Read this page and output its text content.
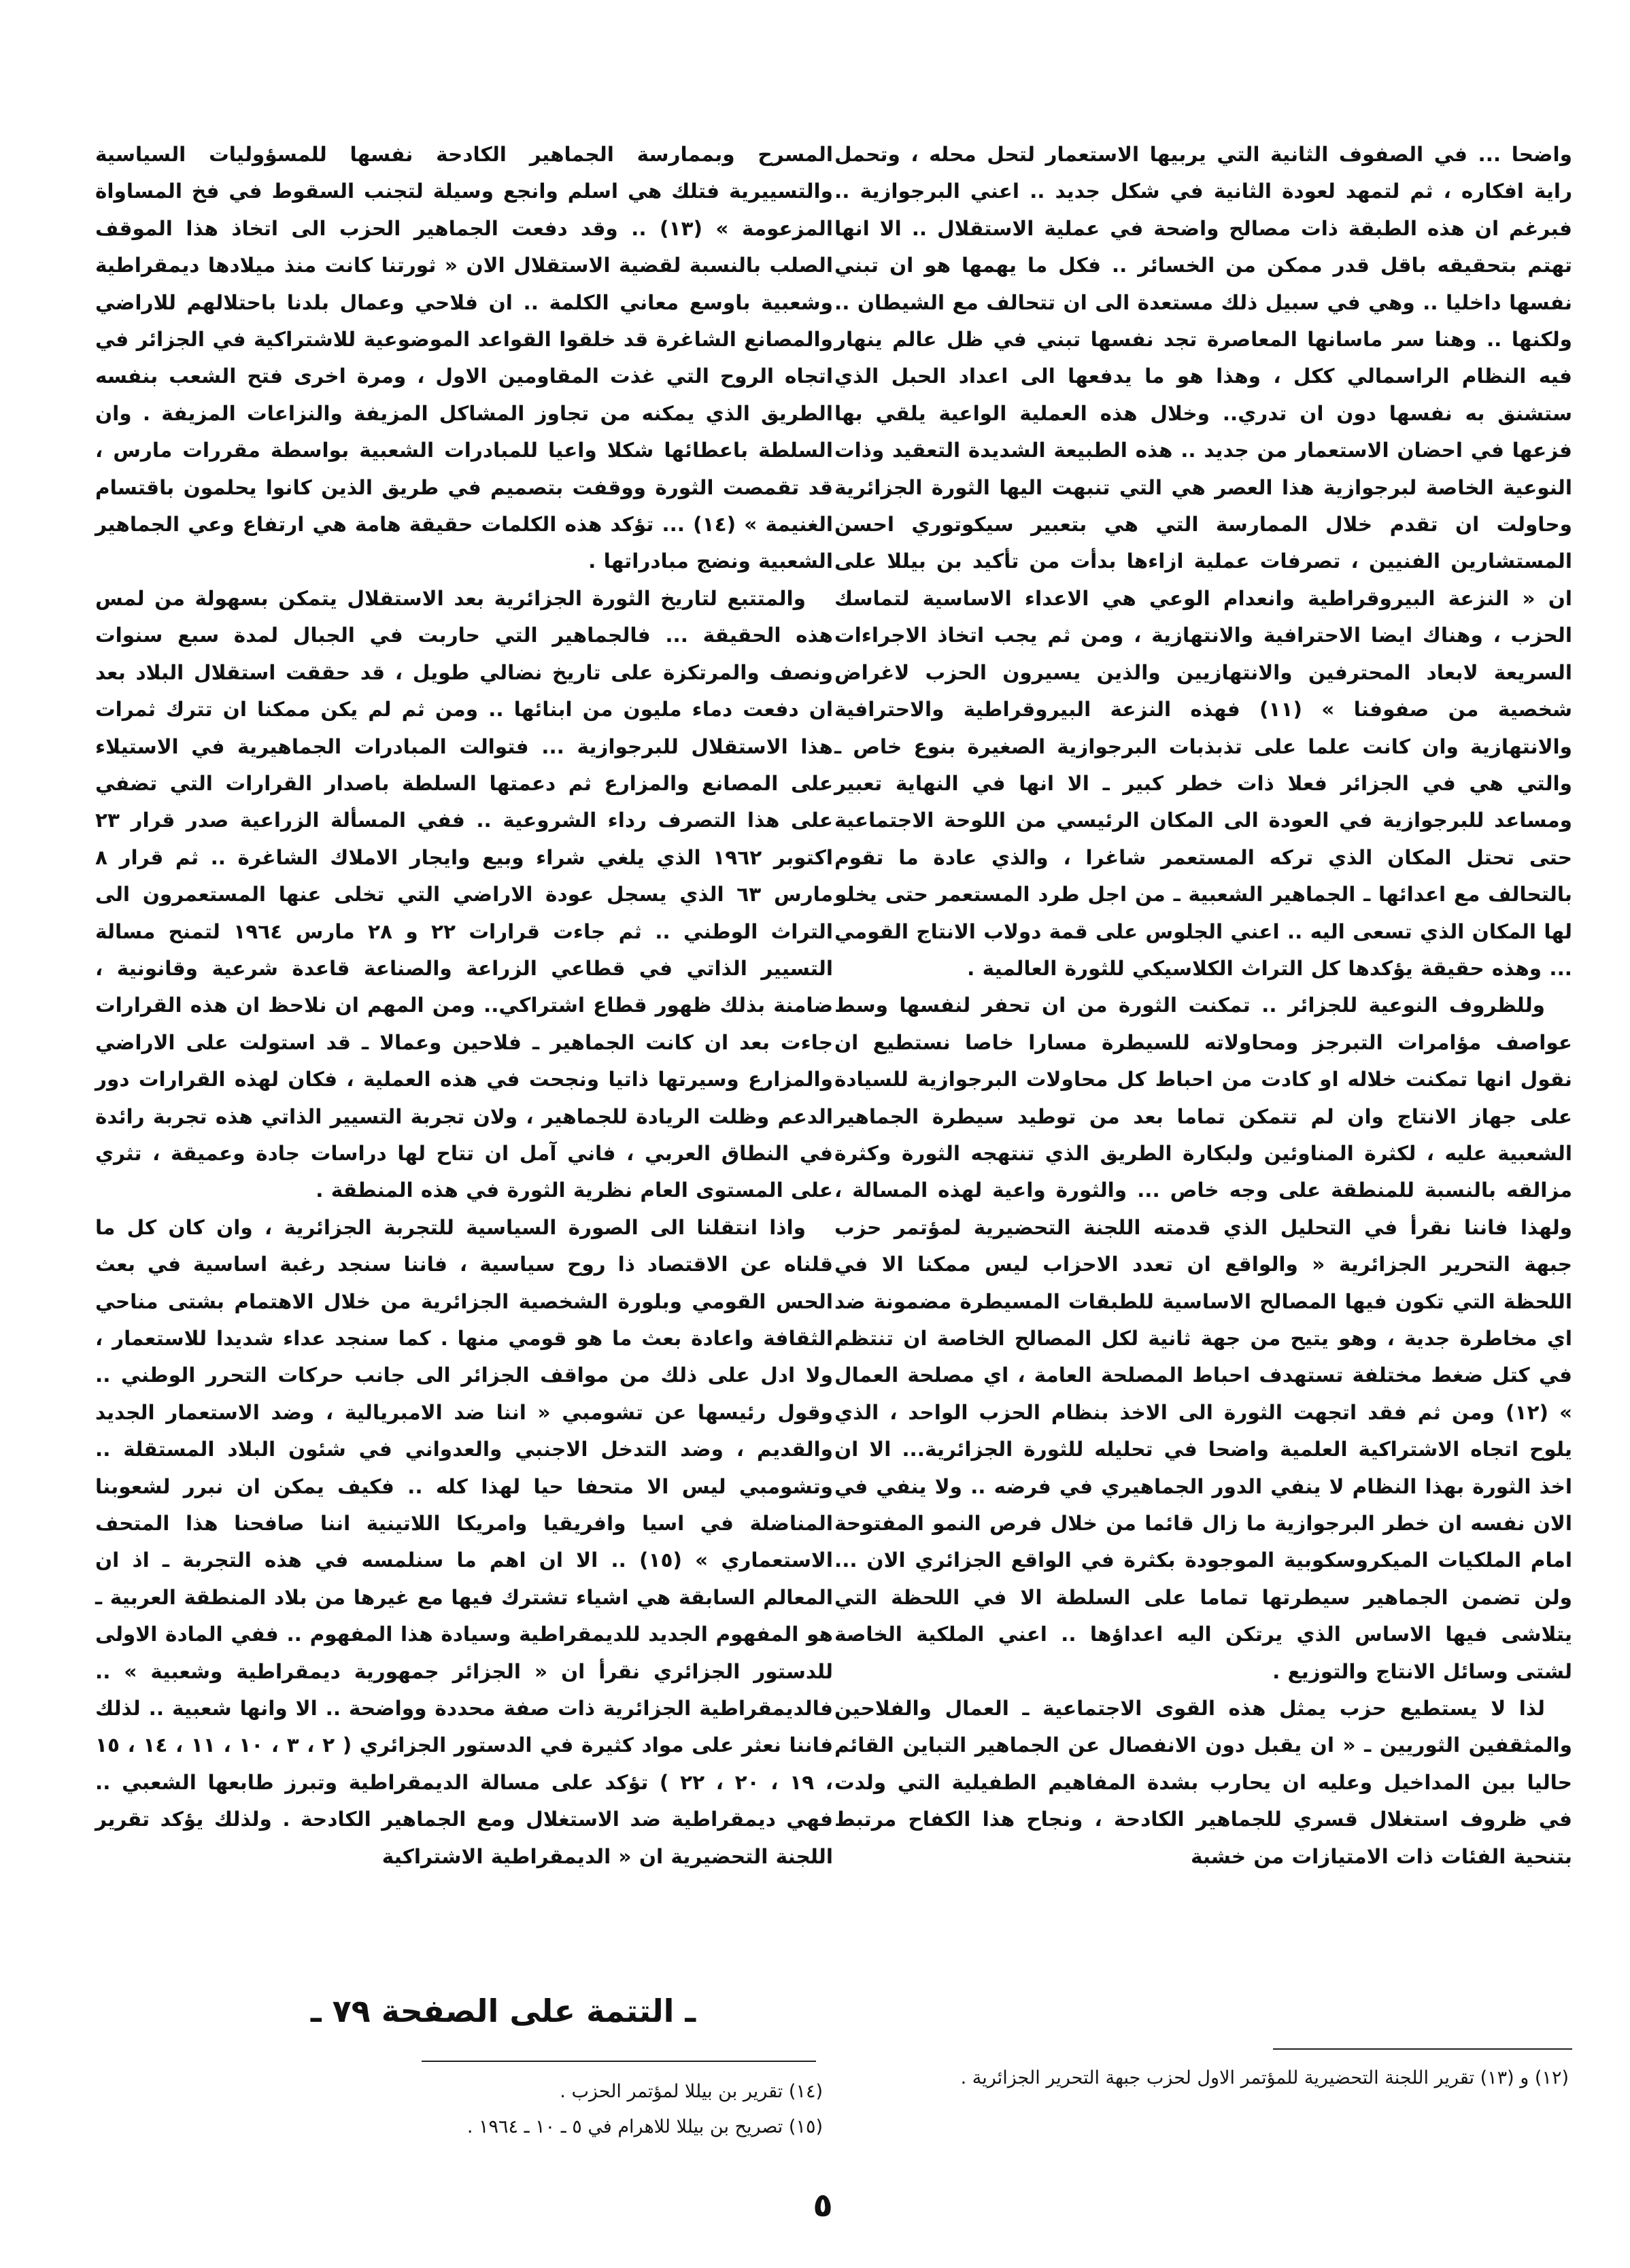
واضحا ... في الصفوف الثانية التي يربيها الاستعمار لتحل محله ، وتحمل راية افكاره ، ثم لتمهد لعودة الثانية في شكل جديد .. اعني البرجوازية .. فبرغم ان هذه الطبقة ذات مصالح واضحة في عملية الاستقلال .. الا انها تهتم بتحقيقه باقل قدر ممكن من الخسائر .. فكل ما يهمها هو ان تبني نفسها داخليا .. وهي في سبيل ذلك مستعدة الى ان تتحالف مع الشيطان .. ولكنها .. وهنا سر ماسانها المعاصرة تجد نفسها تبني في ظل عالم ينهار فيه النظام الراسمالي ككل ، وهذا هو ما يدفعها الى اعداد الحبل الذي ستشنق به نفسها دون ان تدري.. وخلال هذه العملية الواعية يلقي بها فزعها في احضان الاستعمار من جديد .. هذه الطبيعة الشديدة التعقيد وذات النوعية الخاصة لبرجوازية هذا العصر هي التي تنبهت اليها الثورة الجزائرية وحاولت ان تقدم خلال الممارسة التي هي بتعبير سيكوتوري احسن المستشارين الفنيين ، تصرفات عملية ازاءها بدأت من تأكيد بن بيللا على ان « النزعة البيروقراطية وانعدام الوعي هي الاعداء الاساسية لتماسك الحزب ، وهناك ايضا الاحترافية والانتهازية ، ومن ثم يجب اتخاذ الاجراءات السريعة لابعاد المحترفين والانتهازيين والذين يسيرون الحزب لاغراض شخصية من صفوفنا » (١١) فهذه النزعة البيروقراطية والاحترافية والانتهازية وان كانت علما على تذبذبات البرجوازية الصغيرة بنوع خاص ـ والتي هي في الجزائر فعلا ذات خطر كبير ـ الا انها في النهاية تعبير ومساعد للبرجوازية في العودة الى المكان الرئيسي من اللوحة الاجتماعية حتى تحتل المكان الذي تركه المستعمر شاغرا ، والذي عادة ما تقوم بالتحالف مع اعدائها ـ الجماهير الشعبية ـ من اجل طرد المستعمر حتى يخلو لها المكان الذي تسعى اليه .. اعني الجلوس على قمة دولاب الانتاج القومي ... وهذه حقيقة يؤكدها كل التراث الكلاسيكي للثورة العالمية .

وللظروف النوعية للجزائر .. تمكنت الثورة من ان تحفر لنفسها وسط عواصف مؤامرات التبرجز ومحاولاته للسيطرة مسارا خاصا نستطيع ان نقول انها تمكنت خلاله او كادت من احباط كل محاولات البرجوازية للسيادة على جهاز الانتاج وان لم تتمكن تماما بعد من توطيد سيطرة الجماهير الشعبية عليه ، لكثرة المناوئين ولبكارة الطريق الذي تنتهجه الثورة وكثرة مزالقه بالنسبة للمنطقة على وجه خاص ... والثورة واعية لهذه المسالة ، ولهذا فاننا نقرأ في التحليل الذي قدمته اللجنة التحضيرية لمؤتمر حزب جبهة التحرير الجزائرية « والواقع ان تعدد الاحزاب ليس ممكنا الا في اللحظة التي تكون فيها المصالح الاساسية للطبقات المسيطرة مضمونة ضد اي مخاطرة جدية ، وهو يتيح من جهة ثانية لكل المصالح الخاصة ان تنتظم في كتل ضغط مختلفة تستهدف احباط المصلحة العامة ، اي مصلحة العمال » (١٢) ومن ثم فقد اتجهت الثورة الى الاخذ بنظام الحزب الواحد ، الذي يلوح اتجاه الاشتراكية العلمية واضحا في تحليله للثورة الجزائرية... الا ان اخذ الثورة بهذا النظام لا ينفي الدور الجماهيري في فرضه .. ولا ينفي في الان نفسه ان خطر البرجوازية ما زال قائما من خلال فرص النمو المفتوحة امام الملكيات الميكروسكوبية الموجودة بكثرة في الواقع الجزائري الان ... ولن تضمن الجماهير سيطرتها تماما على السلطة الا في اللحظة التي يتلاشى فيها الاساس الذي يرتكن اليه اعداؤها .. اعني الملكية الخاصة لشتى وسائل الانتاج والتوزيع .

لذا لا يستطيع حزب يمثل هذه القوى الاجتماعية ـ العمال والفلاحين والمثقفين الثوريين ـ « ان يقبل دون الانفصال عن الجماهير التباين القائم حاليا بين المداخيل وعليه ان يحارب بشدة المفاهيم الطفيلية التي ولدت في ظروف استغلال قسري للجماهير الكادحة ، ونجاح هذا الكفاح مرتبط بتنحية الفئات ذات الامتيازات من خشبة

المسرح وبممارسة الجماهير الكادحة نفسها للمسؤوليات السياسية والتسييرية فتلك هي اسلم وانجع وسيلة لتجنب السقوط في فخ المساواة المزعومة » (١٣) .. وقد دفعت الجماهير الحزب الى اتخاذ هذا الموقف الصلب بالنسبة لقضية الاستقلال الان « ثورتنا كانت منذ ميلادها ديمقراطية وشعبية باوسع معاني الكلمة .. ان فلاحي وعمال بلدنا باحتلالهم للاراضي والمصانع الشاغرة قد خلقوا القواعد الموضوعية للاشتراكية في الجزائر في اتجاه الروح التي غذت المقاومين الاول ، ومرة اخرى فتح الشعب بنفسه الطريق الذي يمكنه من تجاوز المشاكل المزيفة والنزاعات المزيفة . وان السلطة باعطائها شكلا واعيا للمبادرات الشعبية بواسطة مقررات مارس ، قد تقمصت الثورة ووقفت بتصميم في طريق الذين كانوا يحلمون باقتسام الغنيمة » (١٤) ... تؤكد هذه الكلمات حقيقة هامة هي ارتفاع وعي الجماهير الشعبية ونضج مبادراتها .

والمتتبع لتاريخ الثورة الجزائرية بعد الاستقلال يتمكن بسهولة من لمس هذه الحقيقة ... فالجماهير التي حاربت في الجبال لمدة سبع سنوات ونصف والمرتكزة على تاريخ نضالي طويل ، قد حققت استقلال البلاد بعد ان دفعت دماء مليون من ابنائها .. ومن ثم لم يكن ممكنا ان تترك ثمرات هذا الاستقلال للبرجوازية ... فتوالت المبادرات الجماهيرية في الاستيلاء على المصانع والمزارع ثم دعمتها السلطة باصدار القرارات التي تضفي على هذا التصرف رداء الشروعية .. ففي المسألة الزراعية صدر قرار ٢٣ اكتوبر ١٩٦٢ الذي يلغي شراء وبيع وايجار الاملاك الشاغرة .. ثم قرار ٨ مارس ٦٣ الذي يسجل عودة الاراضي التي تخلى عنها المستعمرون الى التراث الوطني .. ثم جاءت قرارات ٢٢ و ٢٨ مارس ١٩٦٤ لتمنح مسالة التسيير الذاتي في قطاعي الزراعة والصناعة قاعدة شرعية وقانونية ، ضامنة بذلك ظهور قطاع اشتراكي.. ومن المهم ان نلاحظ ان هذه القرارات جاءت بعد ان كانت الجماهير ـ فلاحين وعمالا ـ قد استولت على الاراضي والمزارع وسيرتها ذاتيا ونجحت في هذه العملية ، فكان لهذه القرارات دور الدعم وظلت الريادة للجماهير ، ولان تجربة التسيير الذاتي هذه تجربة رائدة في النطاق العربي ، فاني آمل ان تتاح لها دراسات جادة وعميقة ، تثري على المستوى العام نظرية الثورة في هذه المنطقة .

واذا انتقلنا الى الصورة السياسية للتجربة الجزائرية ، وان كان كل ما قلناه عن الاقتصاد ذا روح سياسية ، فاننا سنجد رغبة اساسية في بعث الحس القومي وبلورة الشخصية الجزائرية من خلال الاهتمام بشتى مناحي الثقافة واعادة بعث ما هو قومي منها . كما سنجد عداء شديدا للاستعمار ، ولا ادل على ذلك من مواقف الجزائر الى جانب حركات التحرر الوطني .. وقول رئيسها عن تشومبي « اننا ضد الامبريالية ، وضد الاستعمار الجديد والقديم ، وضد التدخل الاجنبي والعدواني في شئون البلاد المستقلة .. وتشومبي ليس الا متحفا حيا لهذا كله .. فكيف يمكن ان نبرر لشعوبنا المناضلة في اسيا وافريقيا وامريكا اللاتينية اننا صافحنا هذا المتحف الاستعماري » (١٥) .. الا ان اهم ما سنلمسه في هذه التجربة ـ اذ ان المعالم السابقة هي اشياء تشترك فيها مع غيرها من بلاد المنطقة العربية ـ هو المفهوم الجديد للديمقراطية وسيادة هذا المفهوم .. ففي المادة الاولى للدستور الجزائري نقرأ ان « الجزائر جمهورية ديمقراطية وشعبية » .. فالديمقراطية الجزائرية ذات صفة محددة وواضحة .. الا وانها شعبية .. لذلك فاننا نعثر على مواد كثيرة في الدستور الجزائري ( ٢ ، ٣ ، ١٠ ، ١١ ، ١٤ ، ١٥ ، ١٩ ، ٢٠ ، ٢٢ ) تؤكد على مسالة الديمقراطية وتبرز طابعها الشعبي .. فهي ديمقراطية ضد الاستغلال ومع الجماهير الكادحة . ولذلك يؤكد تقرير اللجنة التحضيرية ان « الديمقراطية الاشتراكية

ـ التتمة على الصفحة ٧٩ ـ

(١٢) و (١٣) تقرير اللجنة التحضيرية للمؤتمر الاول لحزب جبهة التحرير الجزائرية .

(١٤) تقرير بن بيللا لمؤتمر الحزب .

(١٥) تصريح بن بيللا للاهرام في ٥ ـ ١٠ ـ ١٩٦٤ .

٥
